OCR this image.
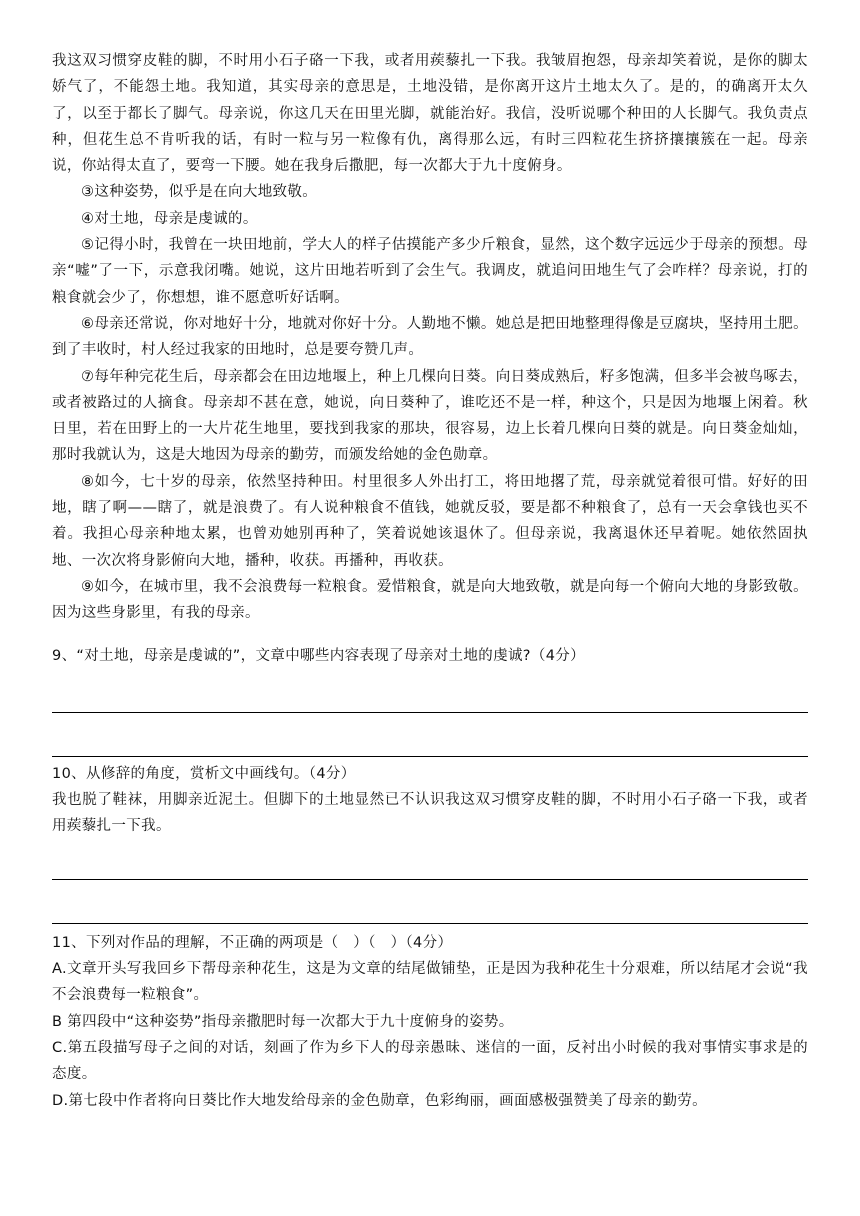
我这双习惯穿皮鞋的脚，不时用小石子硌一下我，或者用蒺藜扎一下我。我皱眉抱怨，母亲却笑着说，是你的脚太娇气了，不能怨土地。我知道，其实母亲的意思是，土地没错，是你离开这片土地太久了。是的，的确离开太久了，以至于都长了脚气。母亲说，你这几天在田里光脚，就能治好。我信，没听说哪个种田的人长脚气。我负责点种，但花生总不肯听我的话，有时一粒与另一粒像有仇，离得那么远，有时三四粒花生挤挤攘攘簇在一起。母亲说，你站得太直了，要弯一下腰。她在我身后撒肥，每一次都大于九十度俯身。

③这种姿势，似乎是在向大地致敬。

④对土地，母亲是虔诚的。

⑤记得小时，我曾在一块田地前，学大人的样子估摸能产多少斤粮食，显然，这个数字远远少于母亲的预想。母亲“嘘”了一下，示意我闭嘴。她说，这片田地若听到了会生气。我调皮，就追问田地生气了会咋样？母亲说，打的粮食就会少了，你想想，谁不愿意听好话啊。

⑥母亲还常说，你对地好十分，地就对你好十分。人勤地不懒。她总是把田地整理得像是豆腐块，坚持用土肥。到了丰收时，村人经过我家的田地时，总是要夸赞几声。

⑦每年种完花生后，母亲都会在田边地堰上，种上几棵向日葵。向日葵成熟后，籽多饱满，但多半会被鸟啄去，或者被路过的人摘食。母亲却不甚在意，她说，向日葵种了，谁吃还不是一样，种这个，只是因为地堰上闲着。秋日里，若在田野上的一大片花生地里，要找到我家的那块，很容易，边上长着几棵向日葵的就是。向日葵金灿灿，那时我就认为，这是大地因为母亲的勤劳，而颁发给她的金色勋章。

⑧如今，七十岁的母亲，依然坚持种田。村里很多人外出打工，将田地撂了荒，母亲就觉着很可惜。好好的田地，瞎了啊——瞎了，就是浪费了。有人说种粮食不值钱，她就反驳，要是都不种粮食了，总有一天会拿钱也买不着。我担心母亲种地太累，也曾劝她别再种了，笑着说她该退休了。但母亲说，我离退休还早着呢。她依然固执地、一次次将身影俯向大地，播种，收获。再播种，再收获。

⑨如今，在城市里，我不会浪费每一粒粮食。爱惜粮食，就是向大地致敬，就是向每一个俯向大地的身影致敬。因为这些身影里，有我的母亲。

9、“对土地，母亲是虔诚的”，文章中哪些内容表现了母亲对土地的虔诚?（4分）

10、从修辞的角度，赏析文中画线句。（4分）

我也脱了鞋袜，用脚亲近泥土。但脚下的土地显然已不认识我这双习惯穿皮鞋的脚，不时用小石子硌一下我，或者用蒺藜扎一下我。

11、下列对作品的理解，不正确的两项是（　）（　）（4分）

A.文章开头写我回乡下帮母亲种花生，这是为文章的结尾做铺垫，正是因为我种花生十分艰难，所以结尾才会说“我不会浪费每一粒粮食”。

B 第四段中“这种姿势”指母亲撒肥时每一次都大于九十度俯身的姿势。

C.第五段描写母子之间的对话，刻画了作为乡下人的母亲愚昧、迷信的一面，反衬出小时候的我对事情实事求是的态度。

D.第七段中作者将向日葵比作大地发给母亲的金色勋章，色彩绚丽，画面感极强赞美了母亲的勤劳。
